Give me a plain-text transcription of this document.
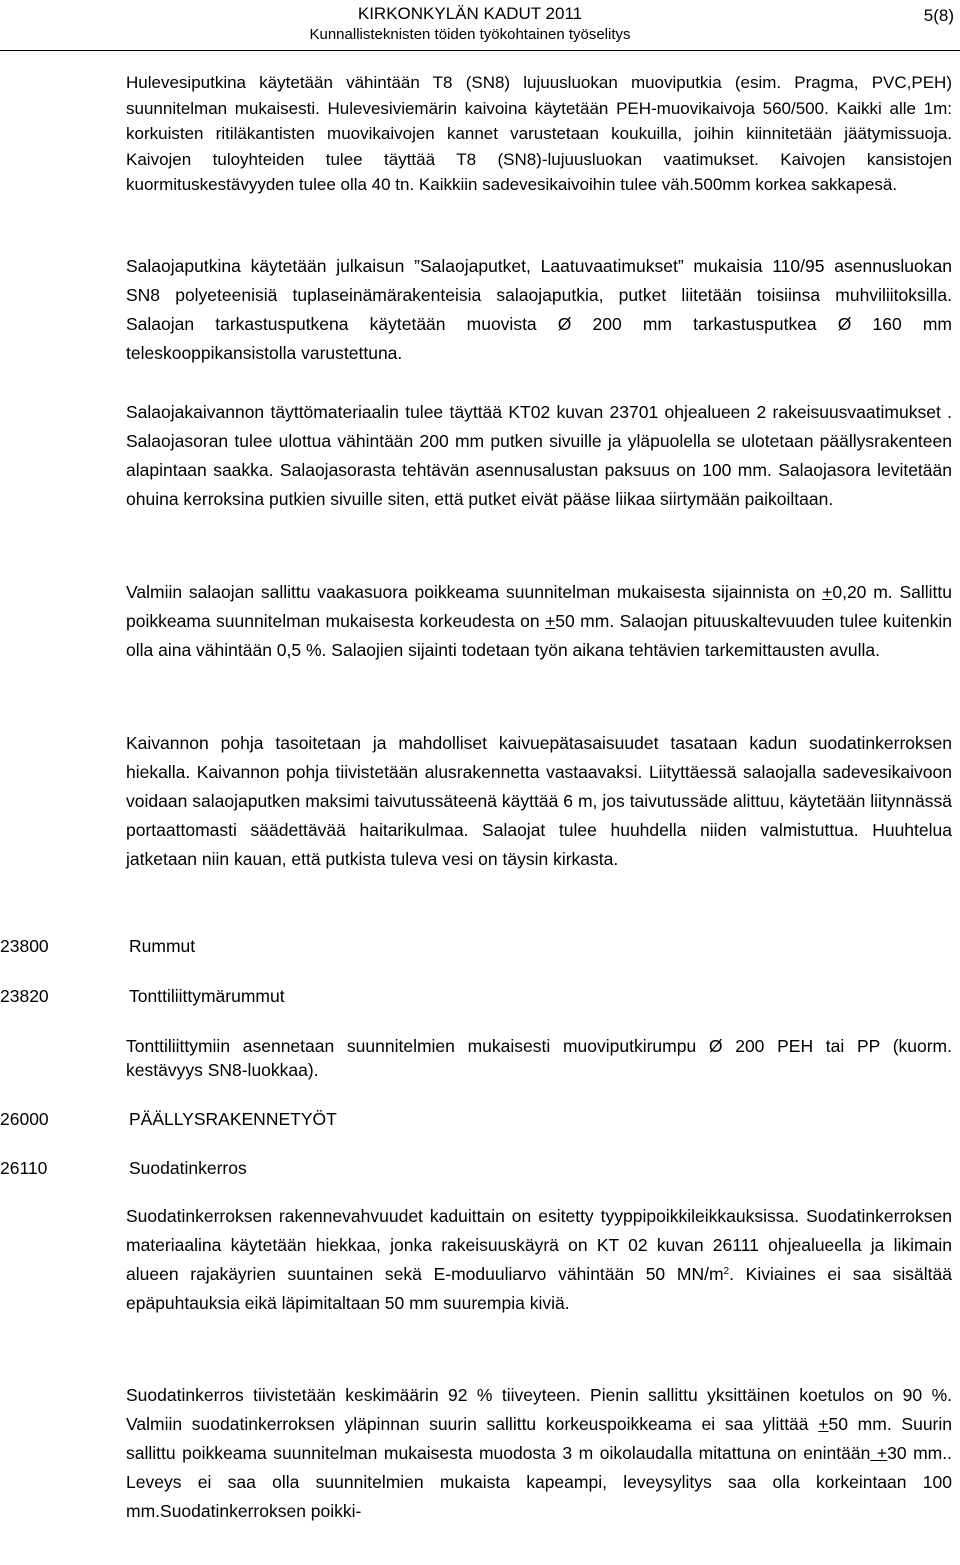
KIRKONKYLÄN KADUT 2011
Kunnallisteknisten töiden työkohtainen työselitys
5(8)
Hulevesiputkina käytetään vähintään T8 (SN8) lujuusluokan muoviputkia (esim. Pragma, PVC,PEH) suunnitelman mukaisesti. Hulevesiviemärin kaivoina käytetään PEH-muovikaivoja 560/500. Kaikki alle 1m: korkuisten ritiläkantisten muovikaivojen kannet varustetaan koukuilla, joihin kiinnitetään jäätymissuoja. Kaivojen tuloyhteiden tulee täyttää T8 (SN8)-lujuusluokan vaatimukset. Kaivojen kansistojen kuormituskestävyyden tulee olla 40 tn. Kaikkiin sadevesikaivoihin tulee väh.500mm korkea sakkapesä.
Salaojaputkina käytetään julkaisun ”Salaojaputket, Laatuvaatimukset” mukaisia 110/95 asennusluokan SN8 polyeteenisiä tuplaseinämärakenteisia salaojaputkia, putket liitetään toisiinsa muhviliitoksilla. Salaojan tarkastusputkena käytetään muovista Ø 200 mm tarkastusputkea Ø 160 mm teleskooppikansistolla varustettuna.
Salaojakaivannon täyttömateriaalin tulee täyttää KT02 kuvan 23701 ohjealueen 2 rakeisuusvaatimukset . Salaojasoran tulee ulottua vähintään 200 mm putken sivuille ja yläpuolella se ulotetaan päällysrakenteen alapintaan saakka. Salaojasorasta tehtävän asennusalustan paksuus on 100 mm. Salaojasora levitetään ohuina kerroksina putkien sivuille siten, että putket eivät pääse liikaa siirtymään paikoiltaan.
Valmiin salaojan sallittu vaakasuora poikkeama suunnitelman mukaisesta sijainnista on +0,20 m. Sallittu poikkeama suunnitelman mukaisesta korkeudesta on +50 mm. Salaojan pituuskaltevuuden tulee kuitenkin olla aina vähintään 0,5 %. Salaojien sijainti todetaan työn aikana tehtävien tarkemittausten avulla.
Kaivannon pohja tasoitetaan ja mahdolliset kaivuepätasaisuudet tasataan kadun suodatinkerroksen hiekalla. Kaivannon pohja tiivistetään alusrakennetta vastaavaksi. Liityttäessä salaojalla sadevesikaivoon voidaan salaojaputken maksimi taivutussäteenä käyttää 6 m, jos taivutussäde alittuu, käytetään liitynnässä portaattomasti säädettävää haitarikulmaa. Salaojat tulee huuhdella niiden valmistuttua. Huuhtelua jatketaan niin kauan, että putkista tuleva vesi on täysin kirkasta.
23800	Rummut
23820	Tonttiliittymärummut
Tonttiliittymiin asennetaan suunnitelmien mukaisesti muoviputkirumpu Ø 200 PEH tai PP (kuorm. kestävyys SN8-luokkaa).
26000	PÄÄLLYSRAKENNETYÖT
26110	Suodatinkerros
Suodatinkerroksen rakennevahvuudet kaduittain on esitetty tyyppipoikkileikkauksissa. Suodatinkerroksen materiaalina käytetään hiekkaa, jonka rakeisuuskäyrä on KT 02 kuvan 26111 ohjealueella ja likimain alueen rajakäyrien suuntainen sekä E-moduuliarvo vähintään 50 $MN/m^2$. Kiviaines ei saa sisältää epäpuhtauksia eikä läpimitaltaan 50 mm suurempia kiviä.
Suodatinkerros tiivistetään keskimäärin 92 % tiiveyteen. Pienin sallittu yksittäinen koetulos on 90 %. Valmiin suodatinkerroksen yläpinnan suurin sallittu korkeuspoikkeama ei saa ylittää +50 mm. Suurin sallittu poikkeama suunnitelman mukaisesta muodosta 3 m oikolaudalla mitattuna on enintään +30 mm.. Leveys ei saa olla suunnitelmien mukaista kapeampi, leveysylitys saa olla korkeintaan 100 mm.Suodatinkerroksen poikki-
